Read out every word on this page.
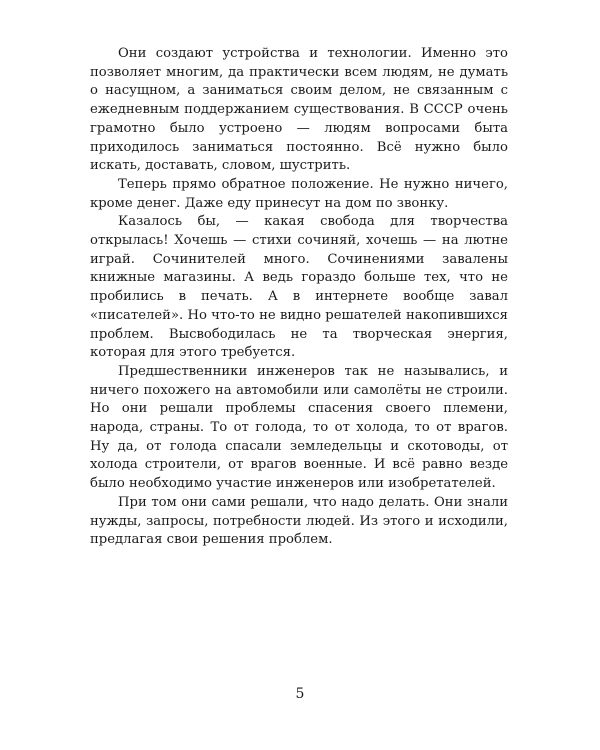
Они создают устройства и технологии. Именно это позволяет многим, да практически всем людям, не думать о насущном, а заниматься своим делом, не связанным с ежедневным поддержанием существования. В СССР очень грамотно было устроено — людям вопросами быта приходилось заниматься постоянно. Всё нужно было искать, доставать, словом, шустрить.

Теперь прямо обратное положение. Не нужно ничего, кроме денег. Даже еду принесут на дом по звонку.

Казалось бы, — какая свобода для творчества открылась! Хочешь — стихи сочиняй, хочешь — на лютне играй. Сочинителей много. Сочинениями завалены книжные магазины. А ведь гораздо больше тех, что не пробились в печать. А в интернете вообще завал «писателей». Но что-то не видно решателей накопившихся проблем. Высвободилась не та творческая энергия, которая для этого требуется.

Предшественники инженеров так не назывались, и ничего похожего на автомобили или самолёты не строили. Но они решали проблемы спасения своего племени, народа, страны. То от голода, то от холода, то от врагов. Ну да, от голода спасали земледельцы и скотоводы, от холода строители, от врагов военные. И всё равно везде было необходимо участие инженеров или изобретателей.

При том они сами решали, что надо делать. Они знали нужды, запросы, потребности людей. Из этого и исходили, предлагая свои решения проблем.

5
